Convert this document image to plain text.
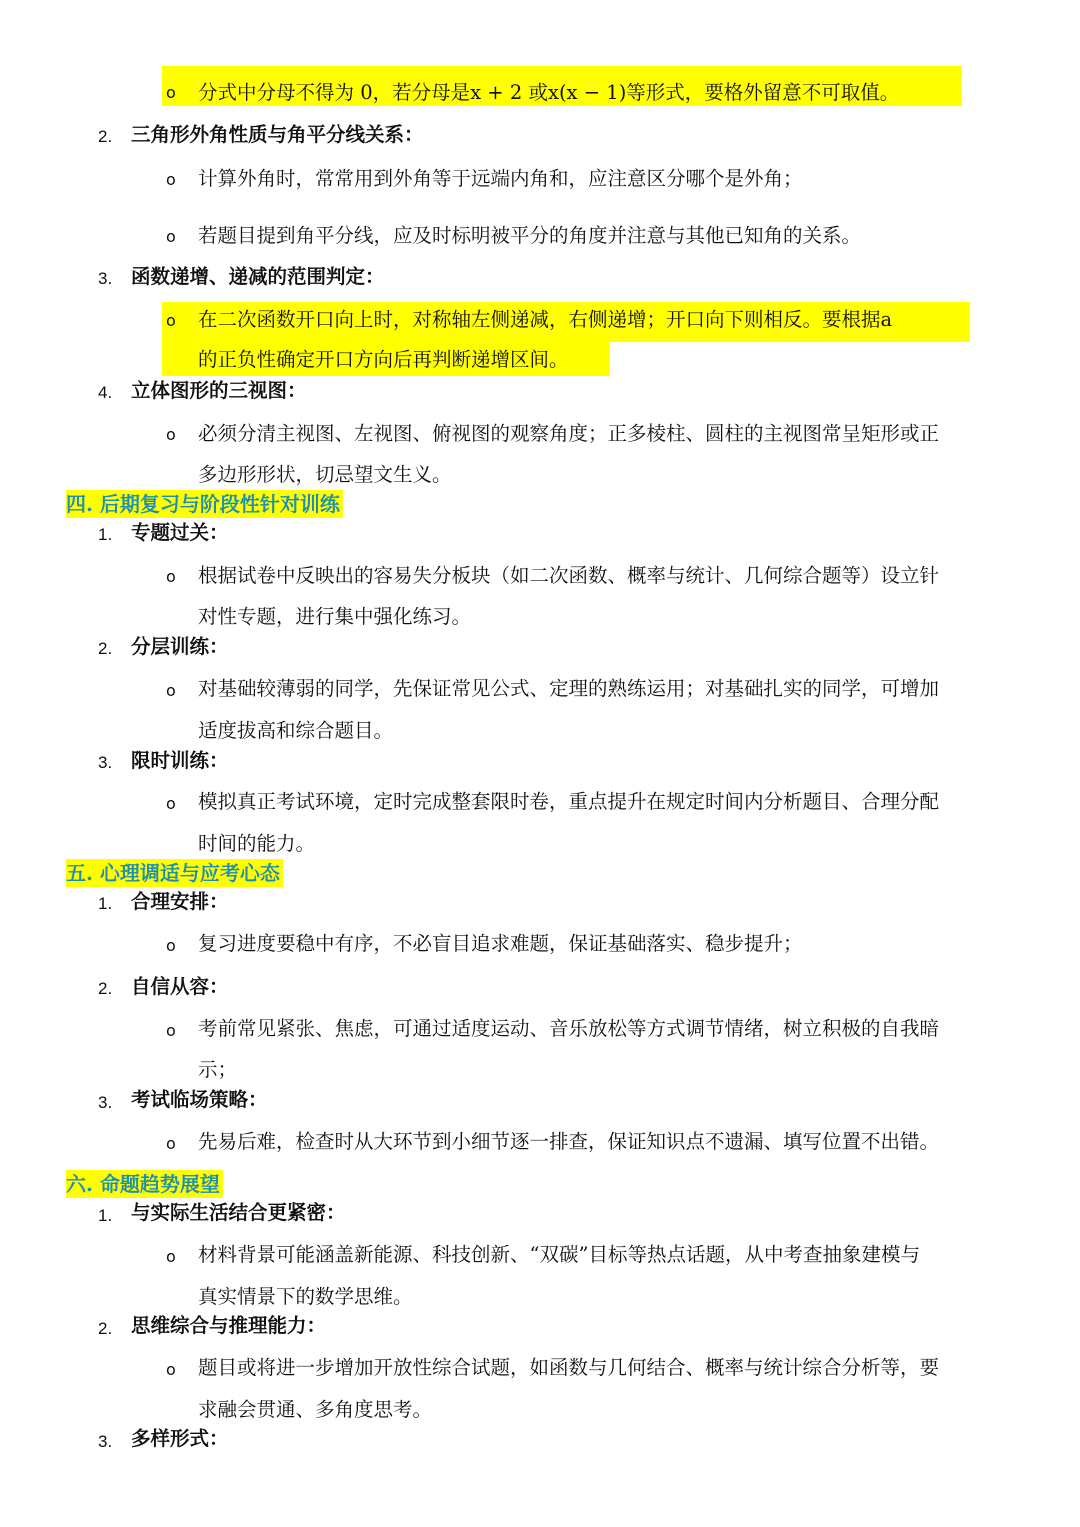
o 分式中分母不得为 0，若分母是x + 2 或x(x − 1)等形式，要格外留意不可取值。
2. 三角形外角性质与角平分线关系：
o 计算外角时，常常用到外角等于远端内角和，应注意区分哪个是外角；
o 若题目提到角平分线，应及时标明被平分的角度并注意与其他已知角的关系。
3. 函数递增、递减的范围判定：
o 在二次函数开口向上时，对称轴左侧递减，右侧递增；开口向下则相反。要根据a
的正负性确定开口方向后再判断递增区间。
4. 立体图形的三视图：
o 必须分清主视图、左视图、俯视图的观察角度；正多棱柱、圆柱的主视图常呈矩形或正
多边形形状，切忌望文生义。
四. 后期复习与阶段性针对训练
1. 专题过关：
o 根据试卷中反映出的容易失分板块（如二次函数、概率与统计、几何综合题等）设立针
对性专题，进行集中强化练习。
2. 分层训练：
o 对基础较薄弱的同学，先保证常见公式、定理的熟练运用；对基础扎实的同学，可增加
适度拔高和综合题目。
3. 限时训练：
o 模拟真正考试环境，定时完成整套限时卷，重点提升在规定时间内分析题目、合理分配
时间的能力。
五. 心理调适与应考心态
1. 合理安排：
o 复习进度要稳中有序，不必盲目追求难题，保证基础落实、稳步提升；
2. 自信从容：
o 考前常见紧张、焦虑，可通过适度运动、音乐放松等方式调节情绪，树立积极的自我暗
示；
3. 考试临场策略：
o 先易后难，检查时从大环节到小细节逐一排查，保证知识点不遗漏、填写位置不出错。
六. 命题趋势展望
1. 与实际生活结合更紧密：
o 材料背景可能涵盖新能源、科技创新、“双碳”目标等热点话题，从中考查抽象建模与
真实情景下的数学思维。
2. 思维综合与推理能力：
o 题目或将进一步增加开放性综合试题，如函数与几何结合、概率与统计综合分析等，要
求融会贯通、多角度思考。
3. 多样形式：
